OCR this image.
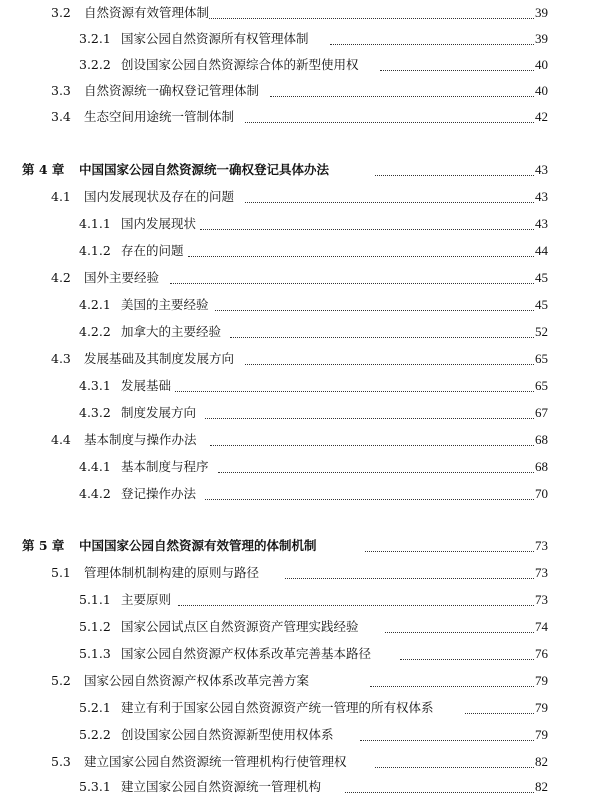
3.2 自然资源有效管理体制	39
3.2.1 国家公园自然资源所有权管理体制	39
3.2.2 创设国家公园自然资源综合体的新型使用权	40
3.3 自然资源统一确权登记管理体制	40
3.4 生态空间用途统一管制体制	42
第 4 章 中国国家公园自然资源统一确权登记具体办法	43
4.1 国内发展现状及存在的问题	43
4.1.1 国内发展现状	43
4.1.2 存在的问题	44
4.2 国外主要经验	45
4.2.1 美国的主要经验	45
4.2.2 加拿大的主要经验	52
4.3 发展基础及其制度发展方向	65
4.3.1 发展基础	65
4.3.2 制度发展方向	67
4.4 基本制度与操作办法	68
4.4.1 基本制度与程序	68
4.4.2 登记操作办法	70
第 5 章 中国国家公园自然资源有效管理的体制机制	73
5.1 管理体制机制构建的原则与路径	73
5.1.1 主要原则	73
5.1.2 国家公园试点区自然资源资产管理实践经验	74
5.1.3 国家公园自然资源产权体系改革完善基本路径	76
5.2 国家公园自然资源产权体系改革完善方案	79
5.2.1 建立有利于国家公园自然资源资产统一管理的所有权体系	79
5.2.2 创设国家公园自然资源新型使用权体系	79
5.3 建立国家公园自然资源统一管理机构行使管理权	82
5.3.1 建立国家公园自然资源统一管理机构	82
